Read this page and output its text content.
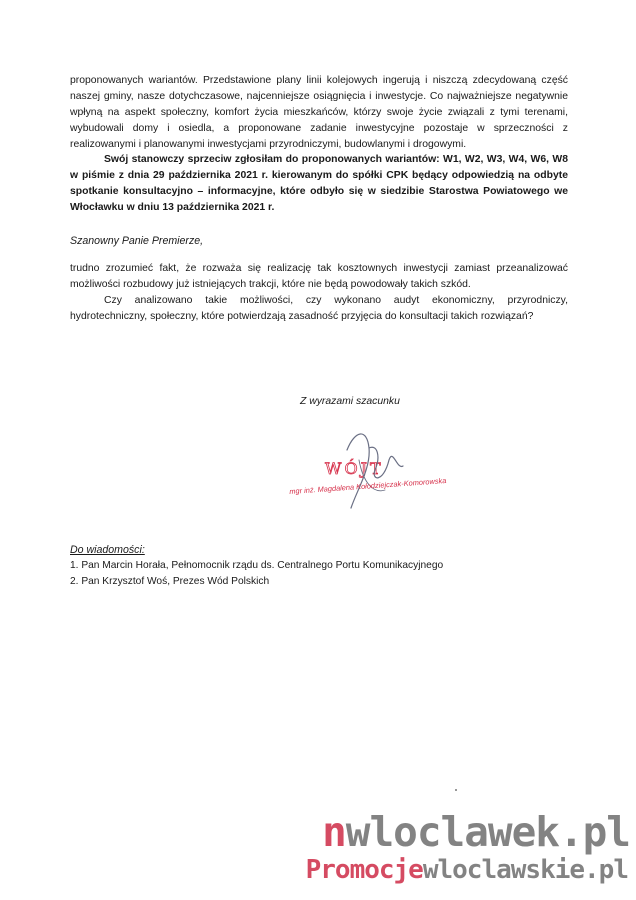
proponowanych wariantów. Przedstawione plany linii kolejowych ingerują i niszczą zdecydowaną część naszej gminy, nasze dotychczasowe, najcenniejsze osiągnięcia i inwestycje. Co najważniejsze negatywnie wpłyną na aspekt społeczny, komfort życia mieszkańców, którzy swoje życie związali z tymi terenami, wybudowali domy i osiedla, a proponowane zadanie inwestycyjne pozostaje w sprzeczności z realizowanymi i planowanymi inwestycjami przyrodniczymi, budowlanymi i drogowymi.
Swój stanowczy sprzeciw zgłosiłam do proponowanych wariantów: W1, W2, W3, W4, W6, W8 w piśmie z dnia 29 października 2021 r. kierowanym do spółki CPK będący odpowiedzią na odbyte spotkanie konsultacyjno – informacyjne, które odbyło się w siedzibie Starostwa Powiatowego we Włocławku w dniu 13 października 2021 r.
Szanowny Panie Premierze,
trudno zrozumieć fakt, że rozważa się realizację tak kosztownych inwestycji zamiast przeanalizować możliwości rozbudowy już istniejących trakcji, które nie będą powodowały takich szkód.
Czy analizowano takie możliwości, czy wykonano audyt ekonomiczny, przyrodniczy, hydrotechniczny, społeczny, które potwierdzają zasadność przyjęcia do konsultacji takich rozwiązań?
Z wyrazami szacunku
WÓJT
mgr inż. Magdalena Kołodziejczak-Komorowska
Do wiadomości:
1. Pan Marcin Horała, Pełnomocnik rządu ds. Centralnego Portu Komunikacyjnego
2. Pan Krzysztof Woś, Prezes Wód Polskich
nwloclawek.pl
Promocjewloclawskie.pl
